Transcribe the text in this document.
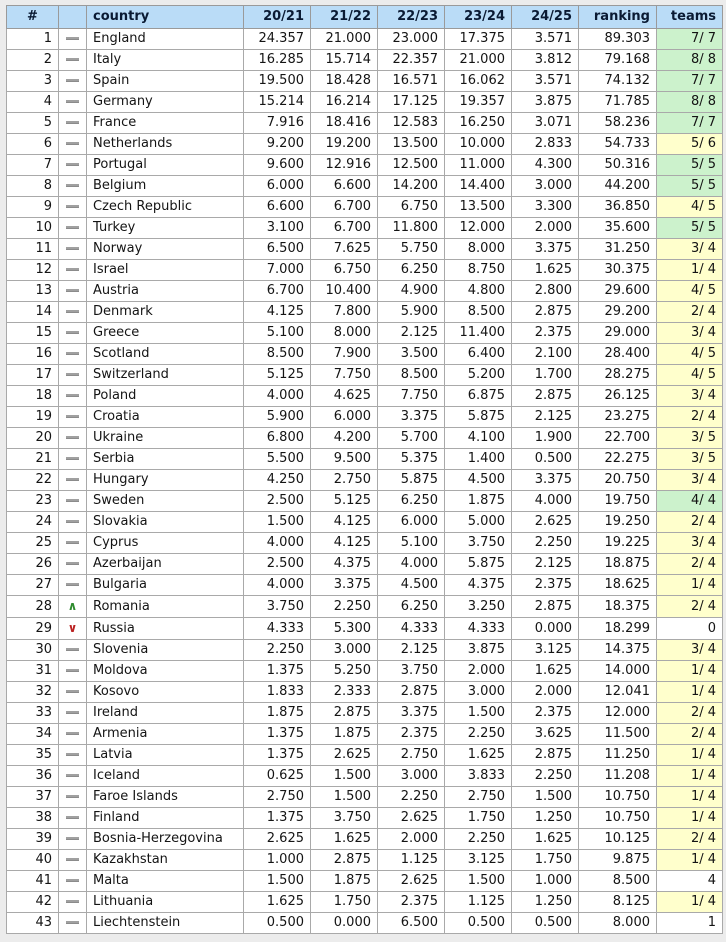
#		country	20/21	21/22	22/23	23/24	24/25	ranking	teams
1		England	24.357	21.000	23.000	17.375	3.571	89.303	7/ 7
2		Italy	16.285	15.714	22.357	21.000	3.812	79.168	8/ 8
3		Spain	19.500	18.428	16.571	16.062	3.571	74.132	7/ 7
4		Germany	15.214	16.214	17.125	19.357	3.875	71.785	8/ 8
5		France	7.916	18.416	12.583	16.250	3.071	58.236	7/ 7
6		Netherlands	9.200	19.200	13.500	10.000	2.833	54.733	5/ 6
7		Portugal	9.600	12.916	12.500	11.000	4.300	50.316	5/ 5
8		Belgium	6.000	6.600	14.200	14.400	3.000	44.200	5/ 5
9		Czech Republic	6.600	6.700	6.750	13.500	3.300	36.850	4/ 5
10		Turkey	3.100	6.700	11.800	12.000	2.000	35.600	5/ 5
11		Norway	6.500	7.625	5.750	8.000	3.375	31.250	3/ 4
12		Israel	7.000	6.750	6.250	8.750	1.625	30.375	1/ 4
13		Austria	6.700	10.400	4.900	4.800	2.800	29.600	4/ 5
14		Denmark	4.125	7.800	5.900	8.500	2.875	29.200	2/ 4
15		Greece	5.100	8.000	2.125	11.400	2.375	29.000	3/ 4
16		Scotland	8.500	7.900	3.500	6.400	2.100	28.400	4/ 5
17		Switzerland	5.125	7.750	8.500	5.200	1.700	28.275	4/ 5
18		Poland	4.000	4.625	7.750	6.875	2.875	26.125	3/ 4
19		Croatia	5.900	6.000	3.375	5.875	2.125	23.275	2/ 4
20		Ukraine	6.800	4.200	5.700	4.100	1.900	22.700	3/ 5
21		Serbia	5.500	9.500	5.375	1.400	0.500	22.275	3/ 5
22		Hungary	4.250	2.750	5.875	4.500	3.375	20.750	3/ 4
23		Sweden	2.500	5.125	6.250	1.875	4.000	19.750	4/ 4
24		Slovakia	1.500	4.125	6.000	5.000	2.625	19.250	2/ 4
25		Cyprus	4.000	4.125	5.100	3.750	2.250	19.225	3/ 4
26		Azerbaijan	2.500	4.375	4.000	5.875	2.125	18.875	2/ 4
27		Bulgaria	4.000	3.375	4.500	4.375	2.375	18.625	1/ 4
28	∧	Romania	3.750	2.250	6.250	3.250	2.875	18.375	2/ 4
29	∨	Russia	4.333	5.300	4.333	4.333	0.000	18.299	0
30		Slovenia	2.250	3.000	2.125	3.875	3.125	14.375	3/ 4
31		Moldova	1.375	5.250	3.750	2.000	1.625	14.000	1/ 4
32		Kosovo	1.833	2.333	2.875	3.000	2.000	12.041	1/ 4
33		Ireland	1.875	2.875	3.375	1.500	2.375	12.000	2/ 4
34		Armenia	1.375	1.875	2.375	2.250	3.625	11.500	2/ 4
35		Latvia	1.375	2.625	2.750	1.625	2.875	11.250	1/ 4
36		Iceland	0.625	1.500	3.000	3.833	2.250	11.208	1/ 4
37		Faroe Islands	2.750	1.500	2.250	2.750	1.500	10.750	1/ 4
38		Finland	1.375	3.750	2.625	1.750	1.250	10.750	1/ 4
39		Bosnia-Herzegovina	2.625	1.625	2.000	2.250	1.625	10.125	2/ 4
40		Kazakhstan	1.000	2.875	1.125	3.125	1.750	9.875	1/ 4
41		Malta	1.500	1.875	2.625	1.500	1.000	8.500	4
42		Lithuania	1.625	1.750	2.375	1.125	1.250	8.125	1/ 4
43		Liechtenstein	0.500	0.000	6.500	0.500	0.500	8.000	1
